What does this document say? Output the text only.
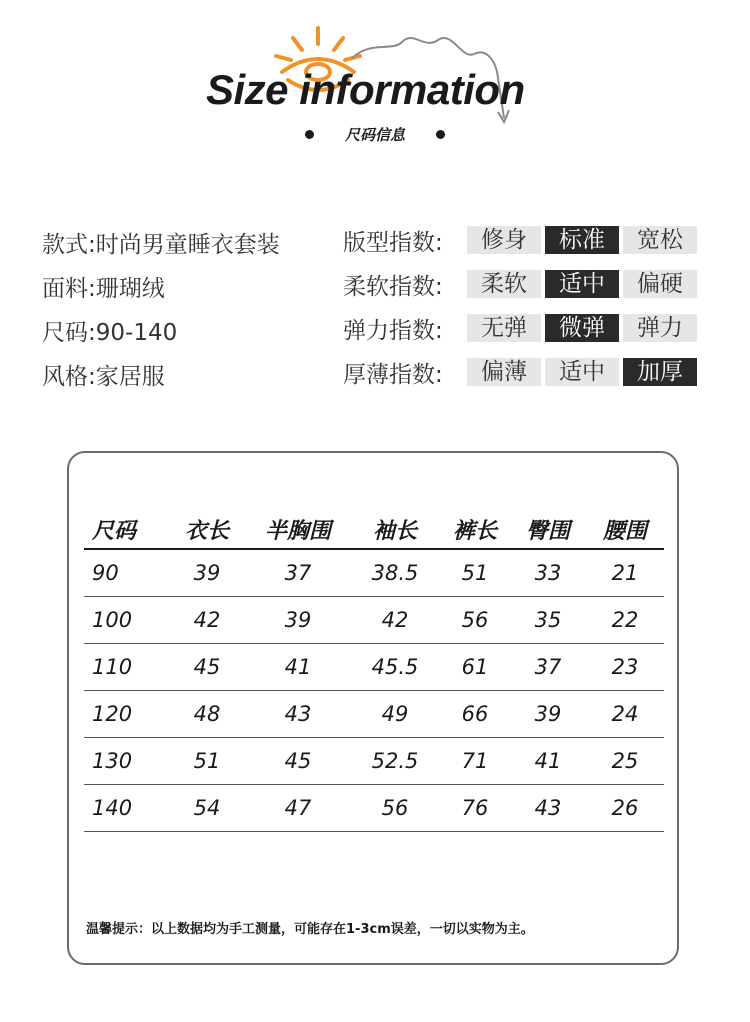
Size information
尺码信息
款式:时尚男童睡衣套装
面料:珊瑚绒
尺码:90-140
风格:家居服
版型指数:	修身	标准	宽松
柔软指数:	柔软	适中	偏硬
弹力指数:	无弹	微弹	弹力
厚薄指数:	偏薄	适中	加厚
尺码	衣长	半胸围	袖长	裤长	臀围	腰围
90	39	37	38.5	51	33	21
100	42	39	42	56	35	22
110	45	41	45.5	61	37	23
120	48	43	49	66	39	24
130	51	45	52.5	71	41	25
140	54	47	56	76	43	26
温馨提示：以上数据均为手工测量，可能存在1-3cm误差，一切以实物为主。
